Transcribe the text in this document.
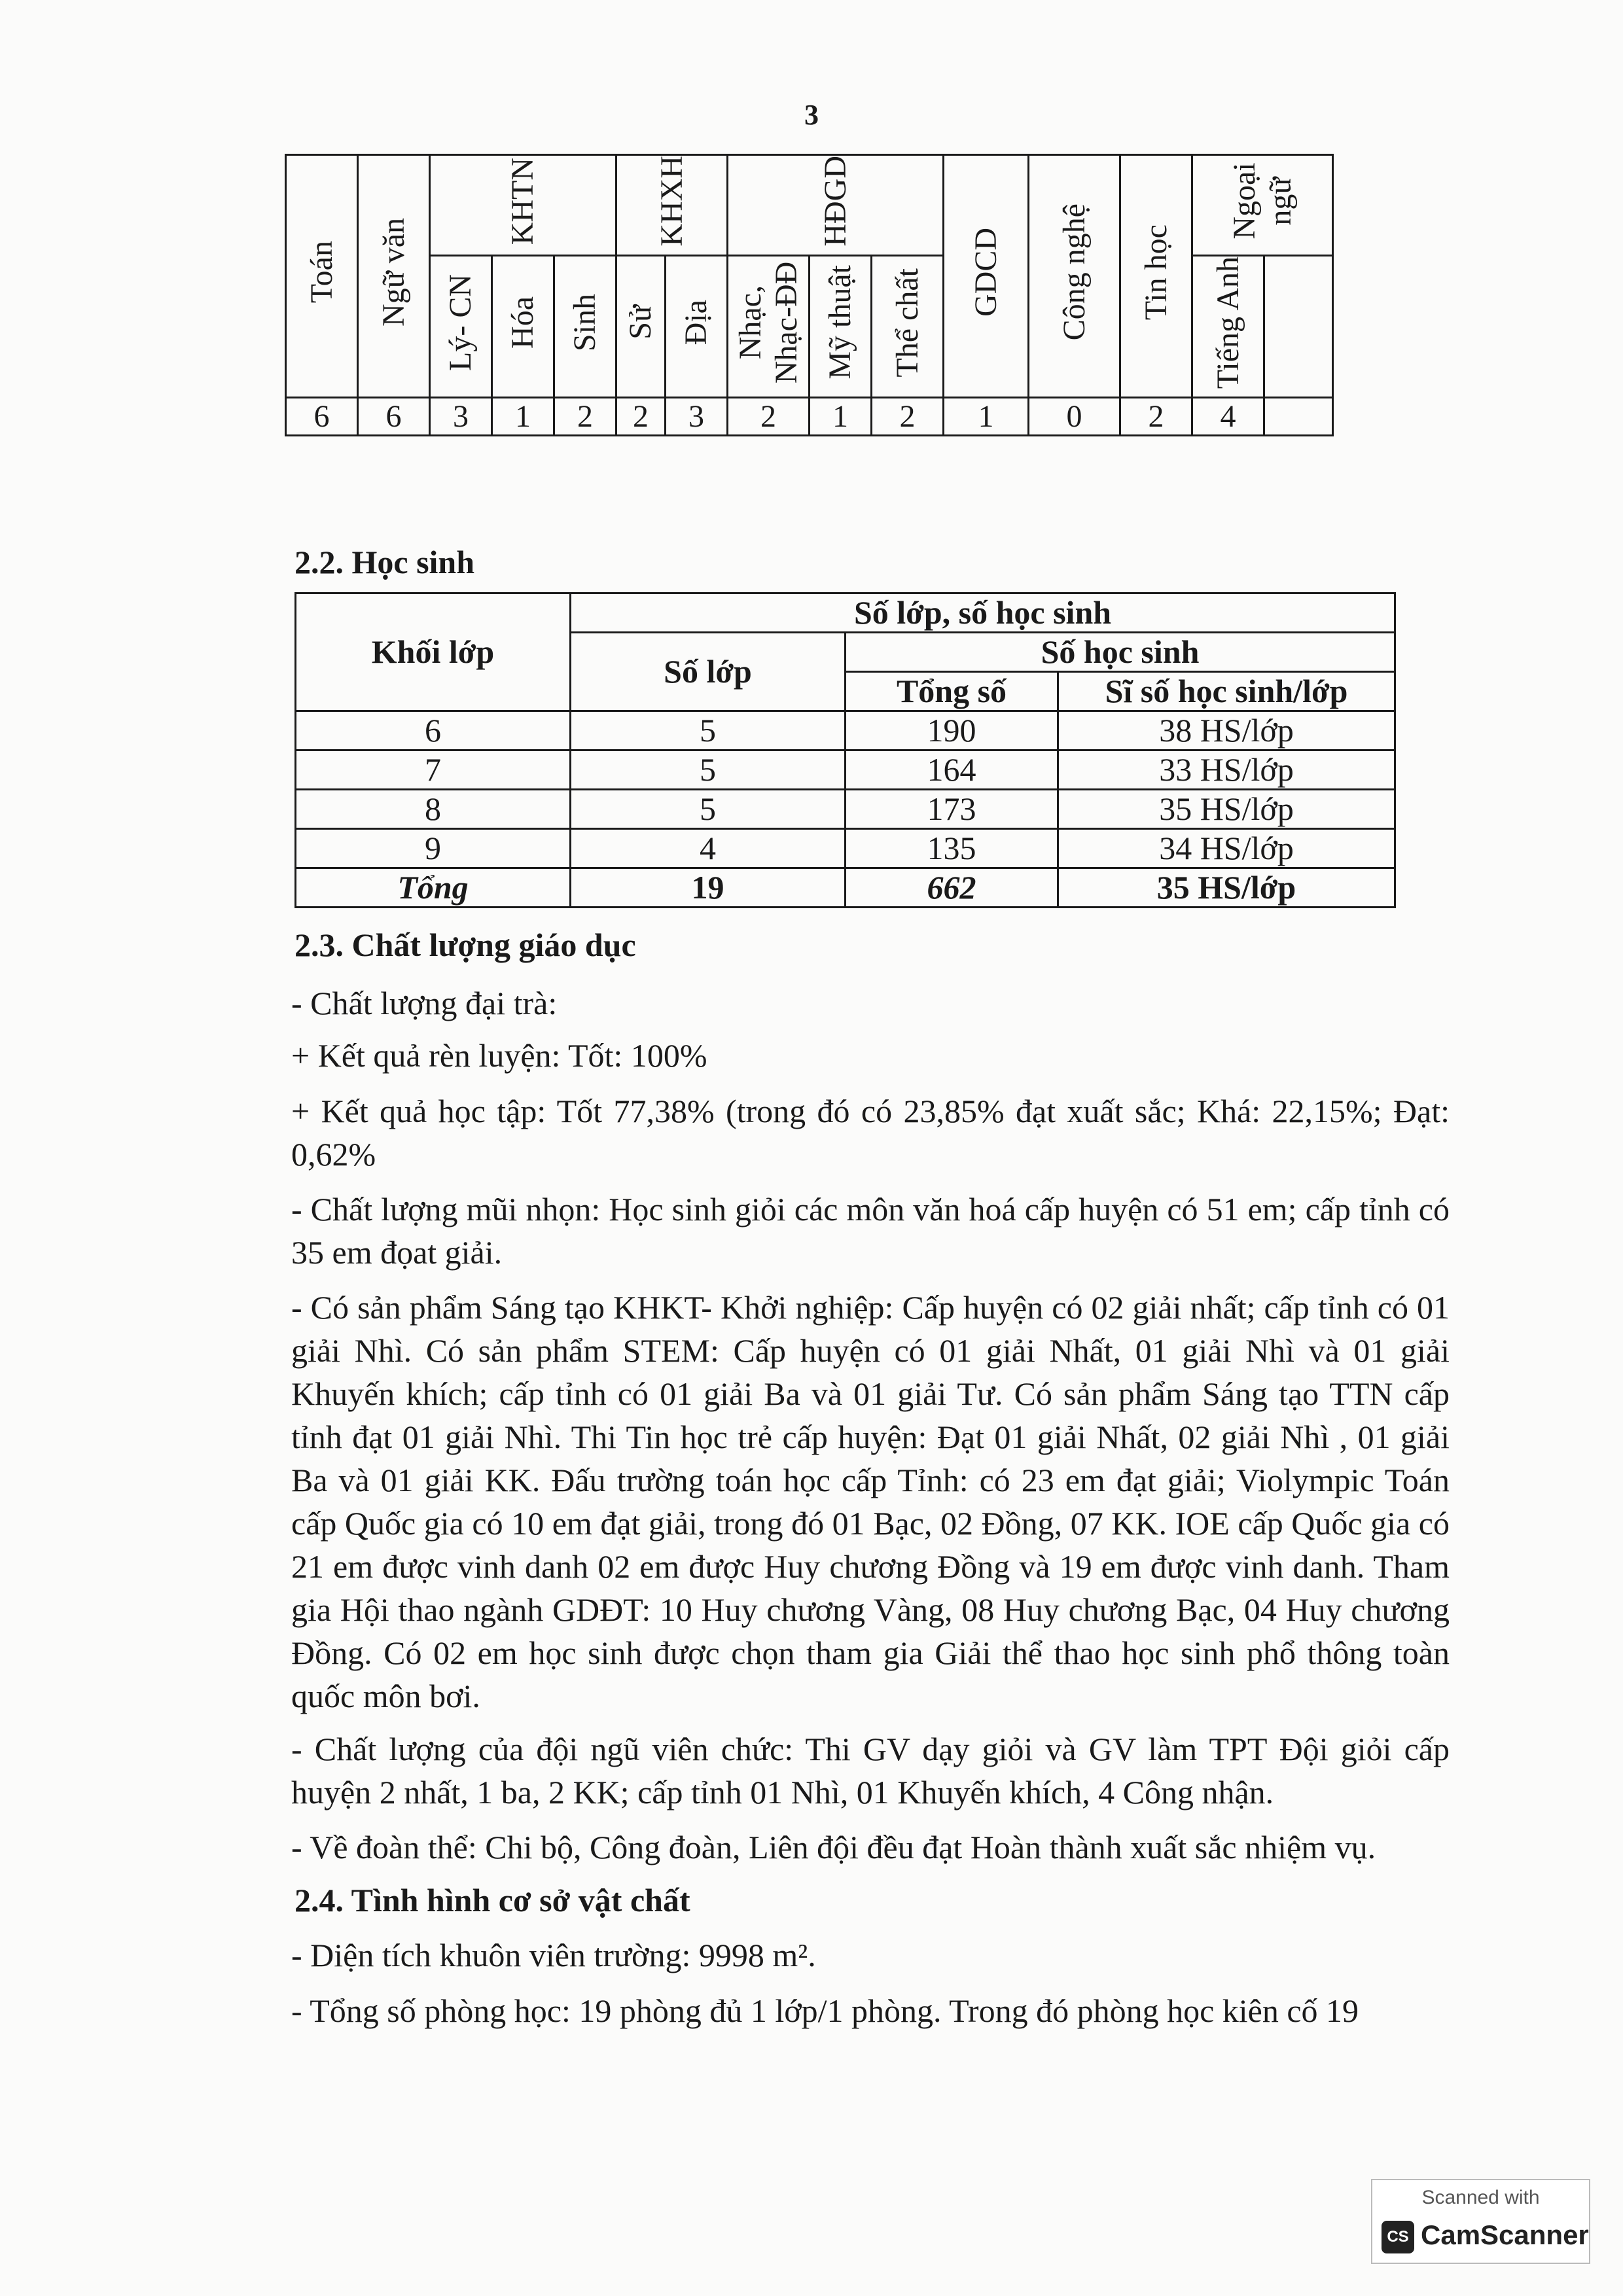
3
Toán	Ngữ văn	KHTN			KHXH		HĐGD			GDCD	Công nghệ	Tin học	Ngoại ngữ	
		Lý- CN	Hóa	Sinh	Sử	Địa	Nhạc, Nhạc-ĐĐ	Mỹ thuật	Thể chất				Tiếng Anh	
6	6	3	1	2	2	3	2	1	2	1	0	2	4	
2.2. Học sinh
Khối lớp	Số lớp, số học sinh		
	Số lớp	Số học sinh	
		Tổng số	Sĩ số học sinh/lớp
6	5	190	38 HS/lớp
7	5	164	33 HS/lớp
8	5	173	35 HS/lớp
9	4	135	34 HS/lớp
Tổng	19	662	35 HS/lớp
2.3. Chất lượng giáo dục

- Chất lượng đại trà:

+ Kết quả rèn luyện: Tốt: 100%

+ Kết quả học tập: Tốt 77,38% (trong đó có 23,85% đạt xuất sắc; Khá: 22,15%; Đạt: 0,62%

- Chất lượng mũi nhọn: Học sinh giỏi các môn văn hoá cấp huyện có 51 em; cấp tỉnh có 35 em đọat giải.

- Có sản phẩm Sáng tạo KHKT- Khởi nghiệp: Cấp huyện có 02 giải nhất; cấp tỉnh có 01 giải Nhì. Có sản phẩm STEM: Cấp huyện có 01 giải Nhất, 01 giải Nhì và 01 giải Khuyến khích; cấp tỉnh có 01 giải Ba và 01 giải Tư. Có sản phẩm Sáng tạo TTN cấp tỉnh đạt 01 giải Nhì. Thi Tin học trẻ cấp huyện: Đạt 01 giải Nhất, 02 giải Nhì , 01 giải Ba và 01 giải KK. Đấu trường toán học cấp Tỉnh: có 23 em đạt giải; Violympic Toán cấp Quốc gia có 10 em đạt giải, trong đó 01 Bạc, 02 Đồng, 07 KK. IOE cấp Quốc gia có 21 em được vinh danh 02 em được Huy chương Đồng và 19 em được vinh danh. Tham gia Hội thao ngành GDĐT: 10 Huy chương Vàng, 08 Huy chương Bạc, 04 Huy chương Đồng. Có 02 em học sinh được chọn tham gia Giải thể thao học sinh phổ thông toàn quốc môn bơi.

- Chất lượng của đội ngũ viên chức: Thi GV dạy giỏi và GV làm TPT Đội giỏi cấp huyện 2 nhất, 1 ba, 2 KK; cấp tỉnh 01 Nhì, 01 Khuyến khích, 4 Công nhận.

- Về đoàn thể: Chi bộ, Công đoàn, Liên đội đều đạt Hoàn thành xuất sắc nhiệm vụ.

2.4. Tình hình cơ sở vật chất

- Diện tích khuôn viên trường: 9998 m².

- Tổng số phòng học: 19 phòng đủ 1 lớp/1 phòng. Trong đó phòng học kiên cố 19

Scanned with
CS CamScanner
